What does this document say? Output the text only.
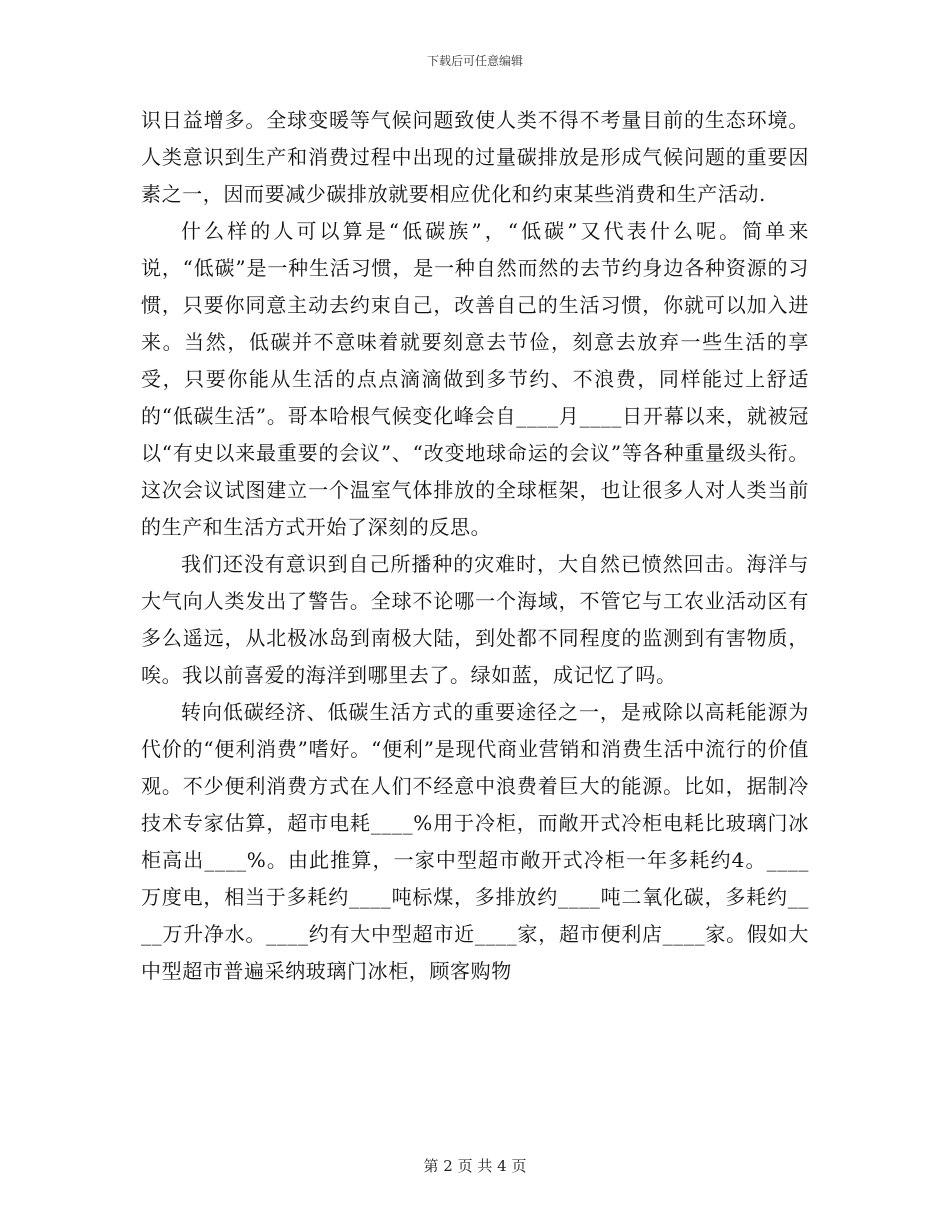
下载后可任意编辑

识日益增多。全球变暖等气候问题致使人类不得不考量目前的生态环境。人类意识到生产和消费过程中出现的过量碳排放是形成气候问题的重要因素之一，因而要减少碳排放就要相应优化和约束某些消费和生产活动.

什么样的人可以算是“低碳族”，“低碳”又代表什么呢。简单来说，“低碳”是一种生活习惯，是一种自然而然的去节约身边各种资源的习惯，只要你同意主动去约束自己，改善自己的生活习惯，你就可以加入进来。当然，低碳并不意味着就要刻意去节俭，刻意去放弃一些生活的享受，只要你能从生活的点点滴滴做到多节约、不浪费，同样能过上舒适的“低碳生活”。哥本哈根气候变化峰会自____月____日开幕以来，就被冠以“有史以来最重要的会议”、“改变地球命运的会议”等各种重量级头衔。这次会议试图建立一个温室气体排放的全球框架，也让很多人对人类当前的生产和生活方式开始了深刻的反思。

我们还没有意识到自己所播种的灾难时，大自然已愤然回击。海洋与大气向人类发出了警告。全球不论哪一个海域，不管它与工农业活动区有多么遥远，从北极冰岛到南极大陆，到处都不同程度的监测到有害物质，唉。我以前喜爱的海洋到哪里去了。绿如蓝，成记忆了吗。

转向低碳经济、低碳生活方式的重要途径之一，是戒除以高耗能源为代价的“便利消费”嗜好。“便利”是现代商业营销和消费生活中流行的价值观。不少便利消费方式在人们不经意中浪费着巨大的能源。比如，据制冷技术专家估算，超市电耗____%用于冷柜，而敞开式冷柜电耗比玻璃门冰柜高出____%。由此推算，一家中型超市敞开式冷柜一年多耗约4。____万度电，相当于多耗约____吨标煤，多排放约____吨二氧化碳，多耗约____万升净水。____约有大中型超市近____家，超市便利店____家。假如大中型超市普遍采纳玻璃门冰柜，顾客购物

第 2 页 共 4 页
